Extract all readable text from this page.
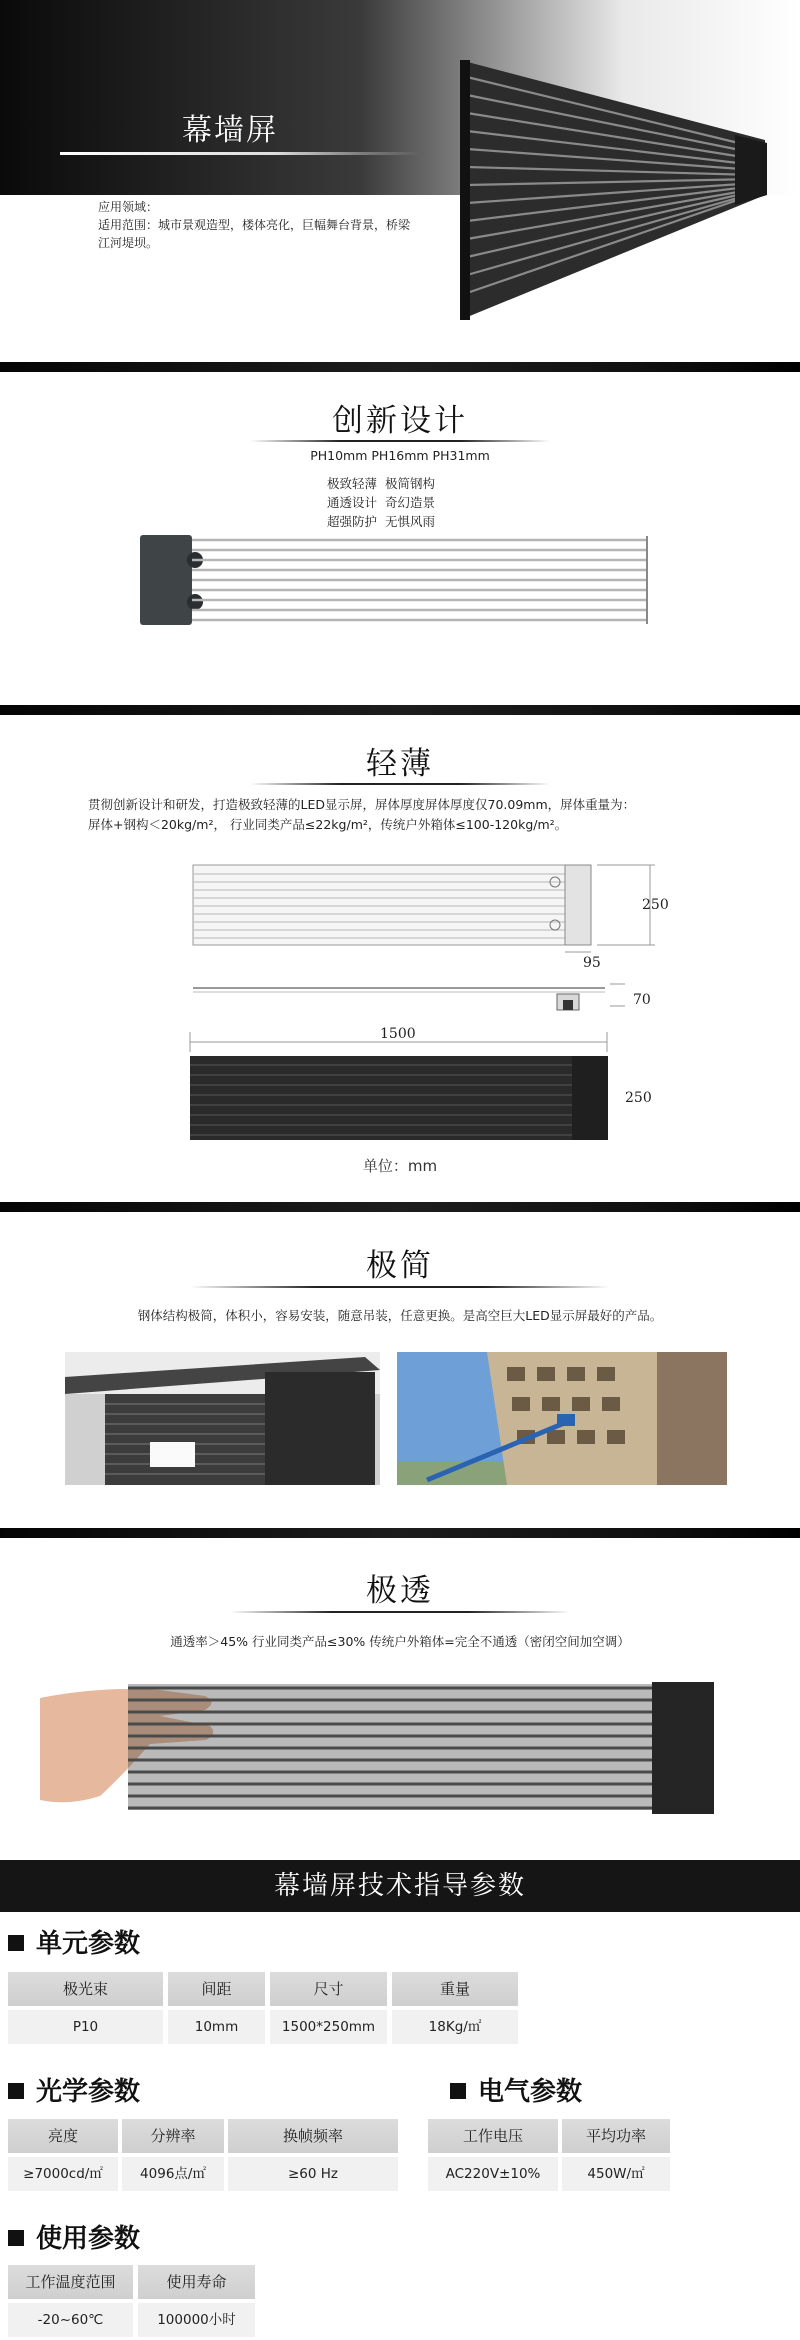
幕墙屏
应用领域：
适用范围：城市景观造型，楼体亮化，巨幅舞台背景，桥梁江河堤坝。
创新设计
PH10mm PH16mm PH31mm
极致轻薄 极简钢构
通透设计 奇幻造景
超强防护 无惧风雨
轻薄
贯彻创新设计和研发，打造极致轻薄的LED显示屏，屏体厚度屏体厚度仅70.09mm，屏体重量为：
屏体+钢构＜20kg/m²， 行业同类产品≤22kg/m²，传统户外箱体≤100-120kg/m²。
250
95
70
1500
250
单位：mm
极简
钢体结构极简，体积小，容易安装，随意吊装，任意更换。是高空巨大LED显示屏最好的产品。
极透
通透率＞45% 行业同类产品≤30% 传统户外箱体=完全不通透（密闭空间加空调）
幕墙屏技术指导参数
单元参数
极光束	间距	尺寸	重量
P10	10mm	1500*250mm	18Kg/㎡
光学参数
亮度	分辨率	换帧频率
≥7000cd/㎡	4096点/㎡	≥60 Hz
电气参数
工作电压	平均功率
AC220V±10%	450W/㎡
使用参数
工作温度范围	使用寿命
-20~60℃	100000小时
